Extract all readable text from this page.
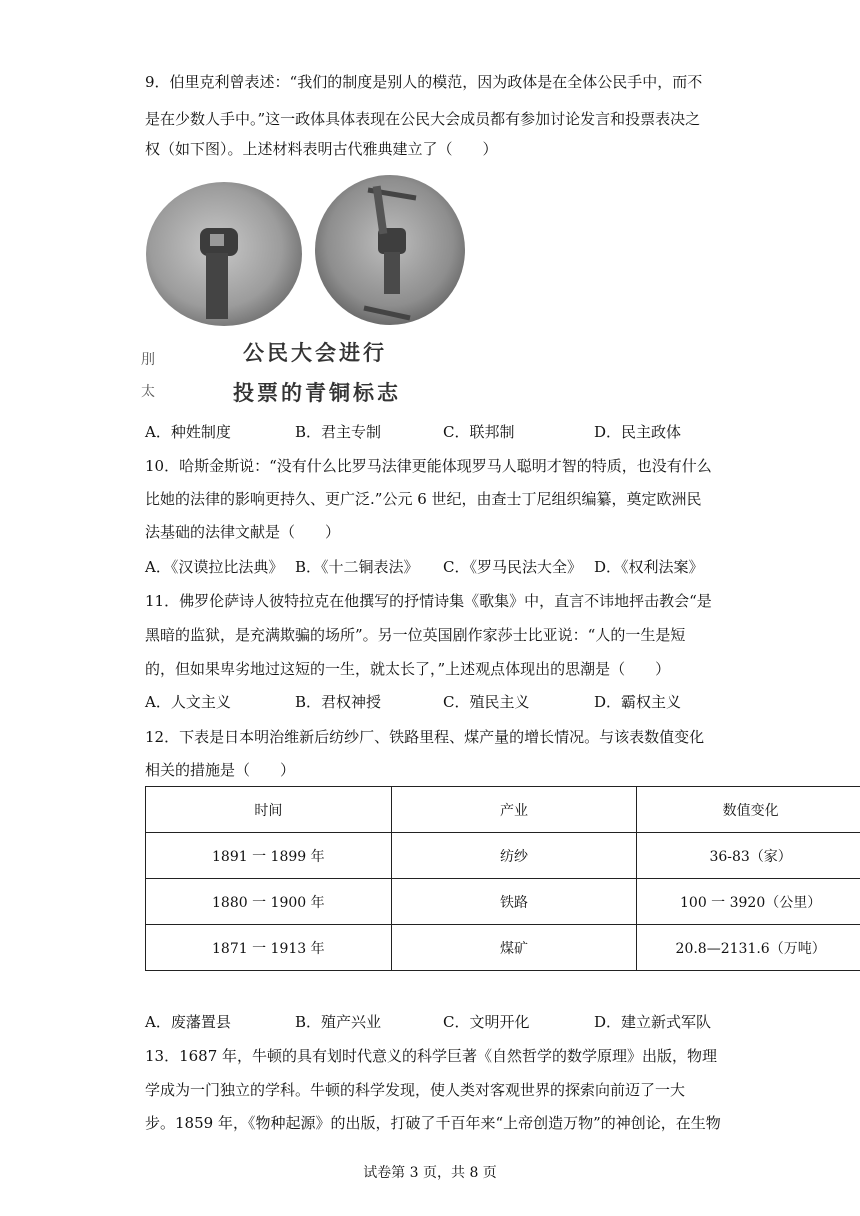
9．伯里克利曾表述：“我们的制度是别人的模范，因为政体是在全体公民手中，而不
是在少数人手中。”这一政体具体表现在公民大会成员都有参加讨论发言和投票表决之
权（如下图）。上述材料表明古代雅典建立了（　　）
刖
太
公民大会进行
投票的青铜标志
A．种姓制度	B．君主专制	C．联邦制	D．民主政体
10．哈斯金斯说：“没有什么比罗马法律更能体现罗马人聪明才智的特质，也没有什么
比她的法律的影响更持久、更广泛.”公元 6 世纪，由查士丁尼组织编纂，奠定欧洲民
法基础的法律文献是（　　）
A．《汉谟拉比法典》 B．《十二铜表法》 C．《罗马民法大全》 D．《权利法案》
11．佛罗伦萨诗人彼特拉克在他撰写的抒情诗集《歌集》中，直言不讳地抨击教会“是
黑暗的监狱，是充满欺骗的场所”。另一位英国剧作家莎士比亚说：“人的一生是短
的，但如果卑劣地过这短的一生，就太长了，”上述观点体现出的思潮是（　　）
A．人文主义	B．君权神授	C．殖民主义	D．霸权主义
12．下表是日本明治维新后纺纱厂、铁路里程、煤产量的增长情况。与该表数值变化
相关的措施是（　　）
时间	产业	数值变化
1891 一 1899 年	纺纱	36-83（家）
1880 一 1900 年	铁路	100 一 3920（公里）
1871 一 1913 年	煤矿	20.8—2131.6（万吨）
A．废藩置县	B．殖产兴业	C．文明开化	D．建立新式军队
13．1687 年，牛顿的具有划时代意义的科学巨著《自然哲学的数学原理》出版，物理
学成为一门独立的学科。牛顿的科学发现，使人类对客观世界的探索向前迈了一大
步。1859 年，《物种起源》的出版，打破了千百年来“上帝创造万物”的神创论，在生物
试卷第 3 页，共 8 页
